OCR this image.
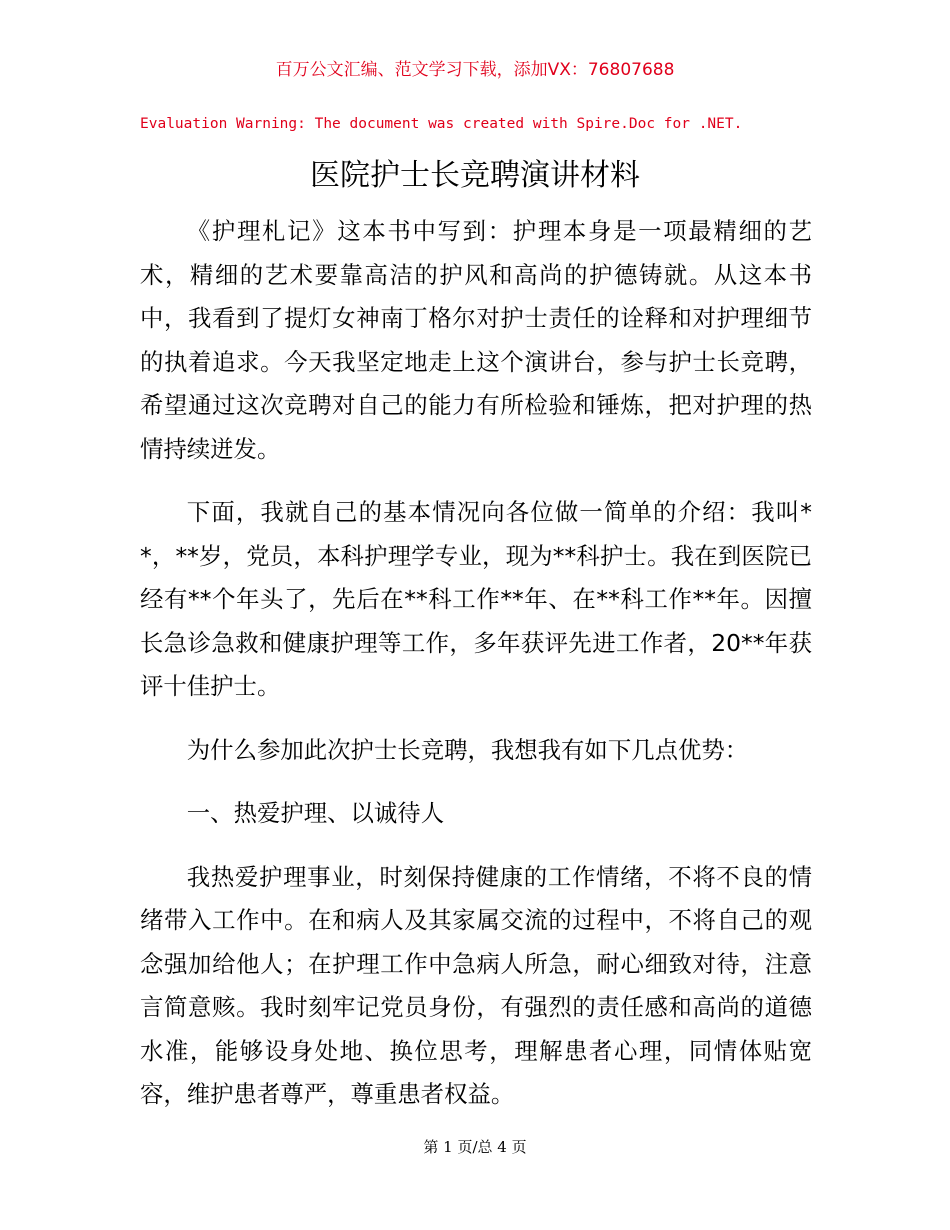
百万公文汇编、范文学习下载，添加VX：76807688
Evaluation Warning: The document was created with Spire.Doc for .NET.
医院护士长竞聘演讲材料

《护理札记》这本书中写到：护理本身是一项最精细的艺术，精细的艺术要靠高洁的护风和高尚的护德铸就。从这本书中，我看到了提灯女神南丁格尔对护士责任的诠释和对护理细节的执着追求。今天我坚定地走上这个演讲台，参与护士长竞聘，希望通过这次竞聘对自己的能力有所检验和锤炼，把对护理的热情持续迸发。

下面，我就自己的基本情况向各位做一简单的介绍：我叫**，**岁，党员，本科护理学专业，现为**科护士。我在到医院已经有**个年头了，先后在**科工作**年、在**科工作**年。因擅长急诊急救和健康护理等工作，多年获评先进工作者，20**年获评十佳护士。

为什么参加此次护士长竞聘，我想我有如下几点优势：

一、热爱护理、以诚待人

我热爱护理事业，时刻保持健康的工作情绪，不将不良的情绪带入工作中。在和病人及其家属交流的过程中，不将自己的观念强加给他人；在护理工作中急病人所急，耐心细致对待，注意言简意赅。我时刻牢记党员身份，有强烈的责任感和高尚的道德水准，能够设身处地、换位思考，理解患者心理，同情体贴宽容，维护患者尊严，尊重患者权益。

第 1 页/总 4 页
